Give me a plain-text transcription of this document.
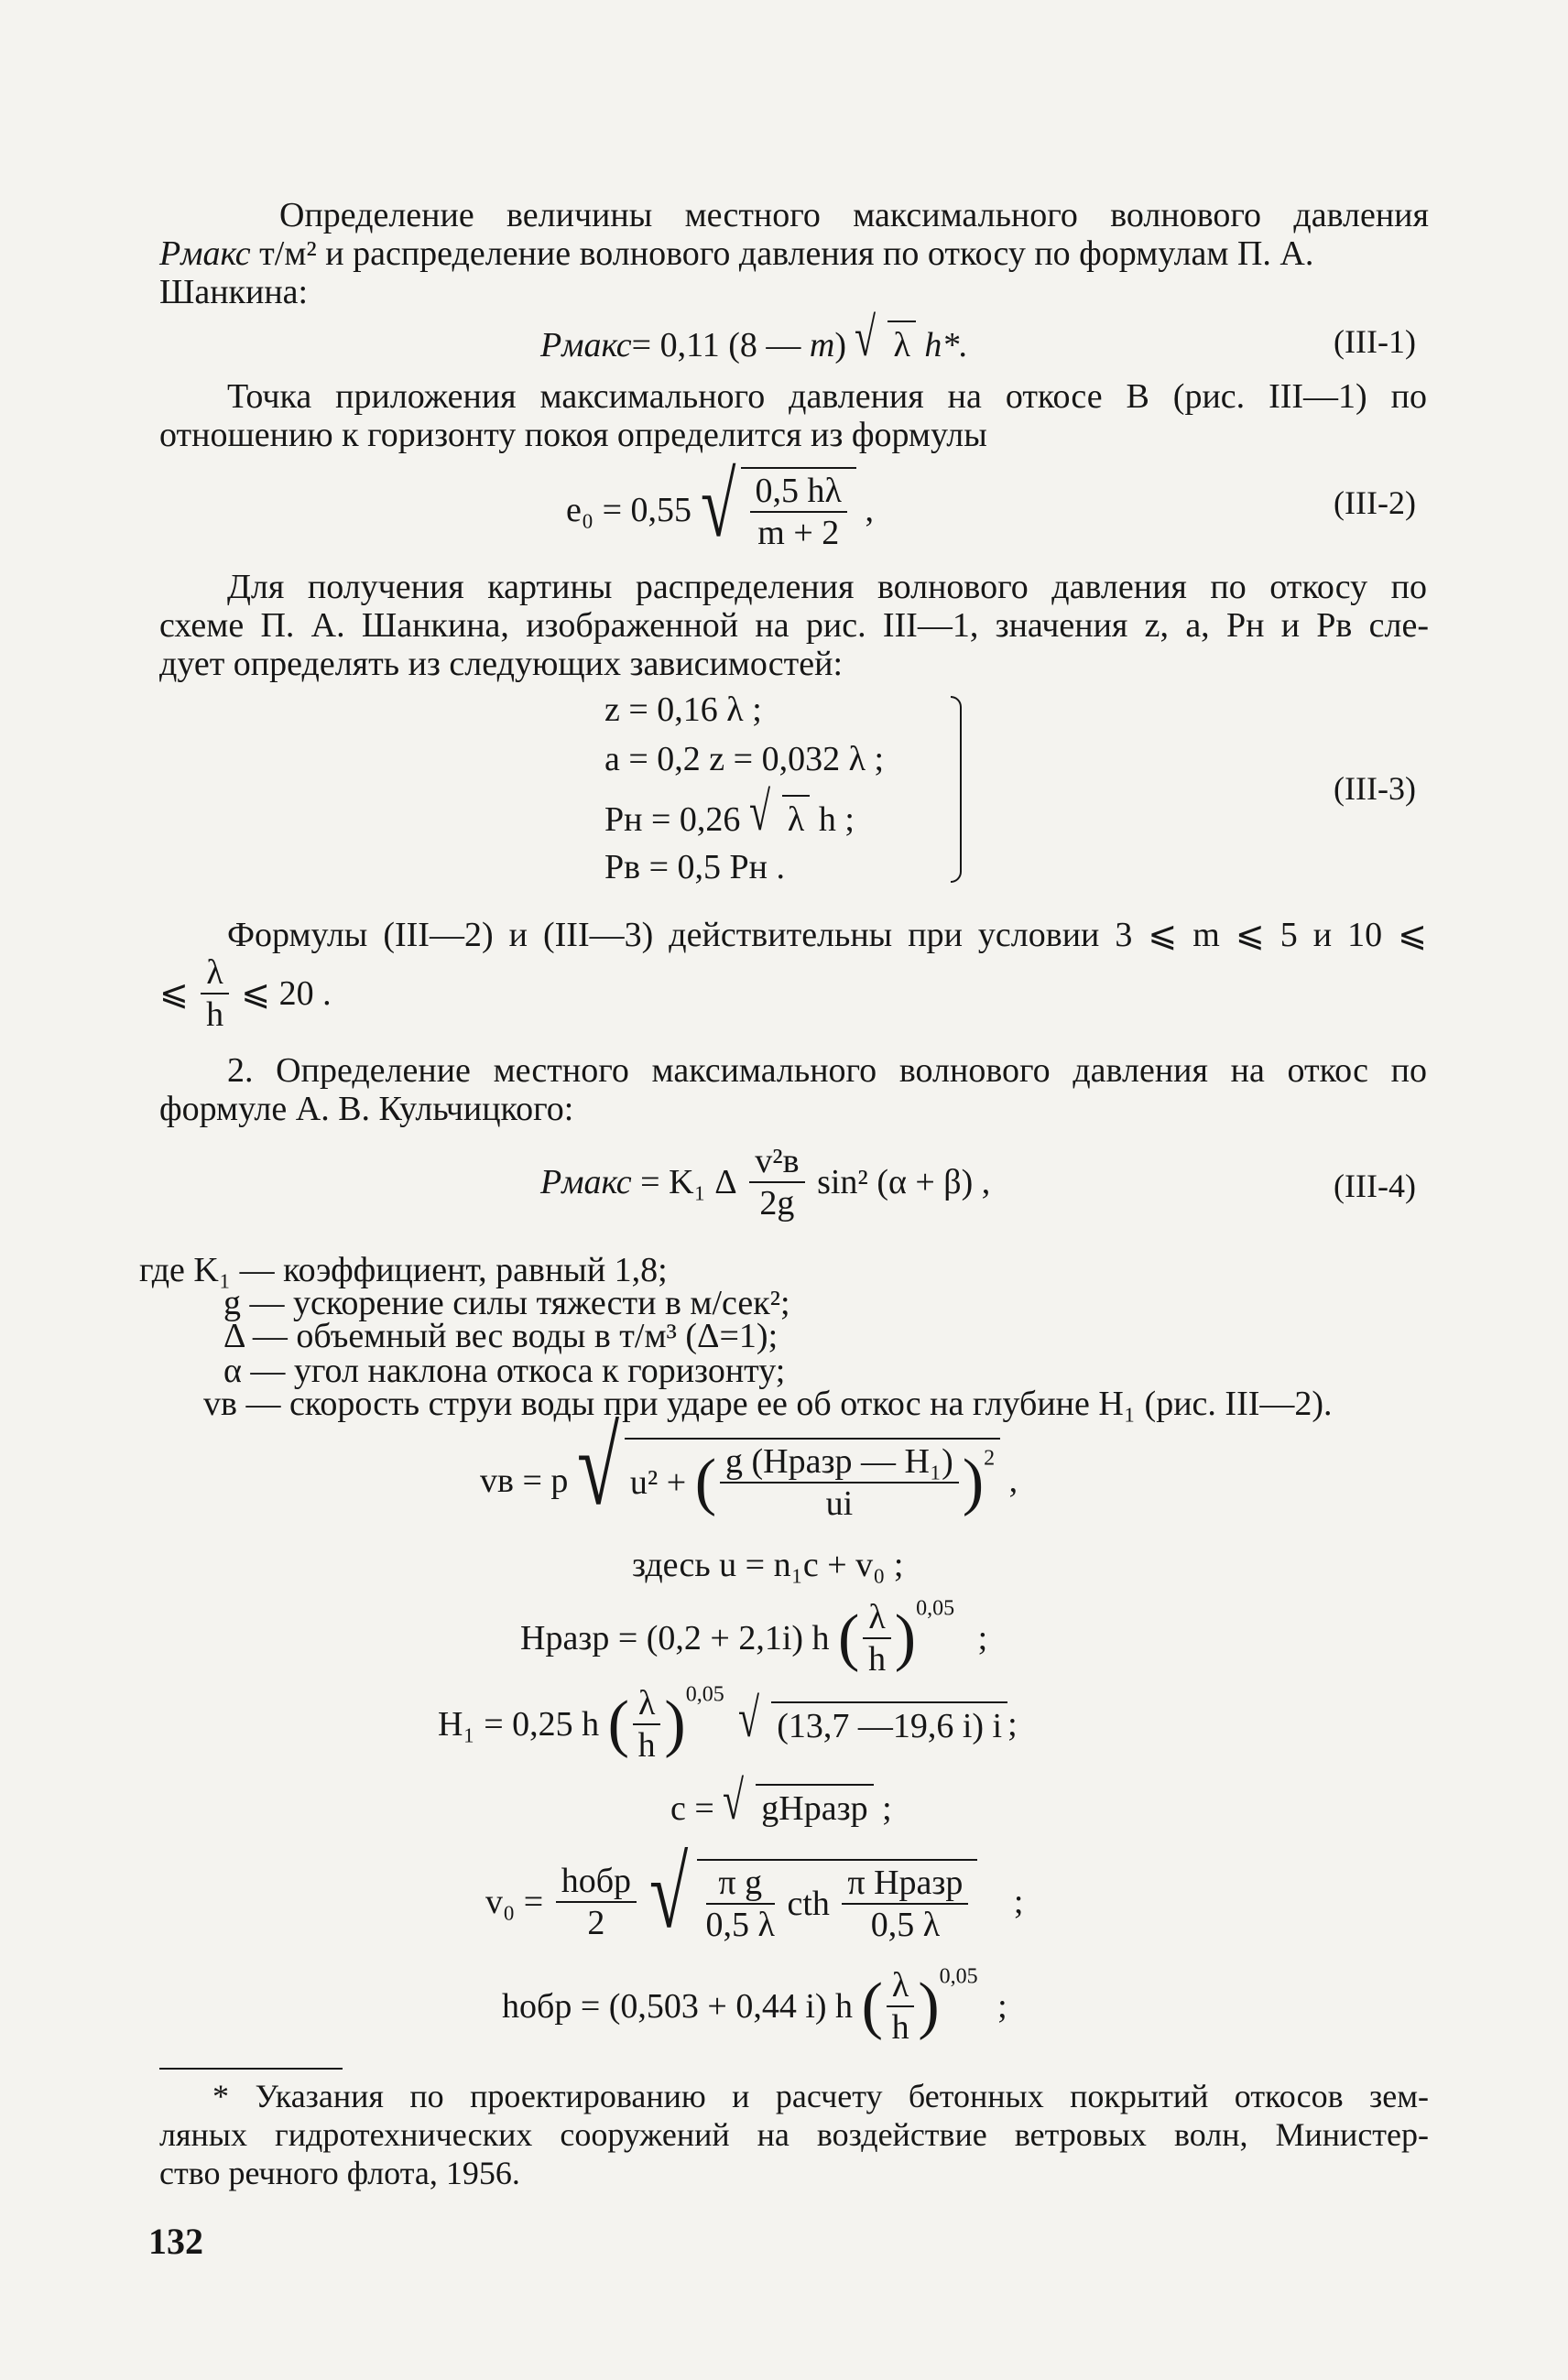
Определение величины местного максимального волнового давления

Pмакс т/м² и распределение волнового давления по откосу по формулам П. А.

Шанкина:

Pмакс= 0,11 (8 — m) √ λ h*.	(III-1)

Точка приложения максимального давления на откосе B (рис. III—1) по

отношению к горизонту покоя определится из формулы

e₀ = 0,55 √ $\frac{0,5 h\lambda}{m + 2}$ ,	(III-2)

Для получения картины распределения волнового давления по откосу по

схеме П. А. Шанкина, изображенной на рис. III—1, значения z, a, Pн и Pв сле-

дует определять из следующих зависимостей:

z = 0,16 λ ;
a = 0,2 z = 0,032 λ ;
Pн = 0,26 √ λ h ;
Pв = 0,5 Pн .
(III-3)

Формулы (III—2) и (III—3) действительны при условии 3 ⩽ m ⩽ 5 и 10 ⩽

⩽ $\frac{\lambda}{h}$ ⩽ 20 .

2. Определение местного максимального волнового давления на откос по

формуле А. В. Кульчицкого:

Pмакс = K₁ Δ $\frac{\text{v²в}}{2g} \sin^2$ (α + β) ,	(III-4)

где K₁ — коэффициент, равный 1,8;

g — ускорение силы тяжести в м/сек²;

Δ — объемный вес воды в т/м³ (Δ=1);

α — угол наклона откоса к горизонту;

vв — скорость струи воды при ударе ее об откос на глубине H₁ (рис. III—2).

vв = p √ u² + ( $\frac{\text{g (Hразр — H₁)}}{ui} )^2$ ,
здесь u = n₁c + v₀ ;
Hразр = (0,2 + 2,1i) h ( $\frac{\lambda}{h} )^{0,05}$ ;
H₁ = 0,25 h ( $\frac{\lambda}{h} )^{0,05}$ √ (13,7 —19,6 i) i ;
c = √ gHразр ;
$v_0 = \frac{\text{hобр}}{2}$
√ $\frac{\text{π g}}{0,5 \lambda}$ cth $\frac{\text{π Hразр}}{0,5 \lambda}$ ;
hобр = (0,503 + 0,44 i) h ( $\frac{\lambda}{h} )^{0,05}$ ;

* Указания по проектированию и расчету бетонных покрытий откосов зем-

ляных гидротехнических сооружений на воздействие ветровых волн, Министер-

ство речного флота, 1956.

132
